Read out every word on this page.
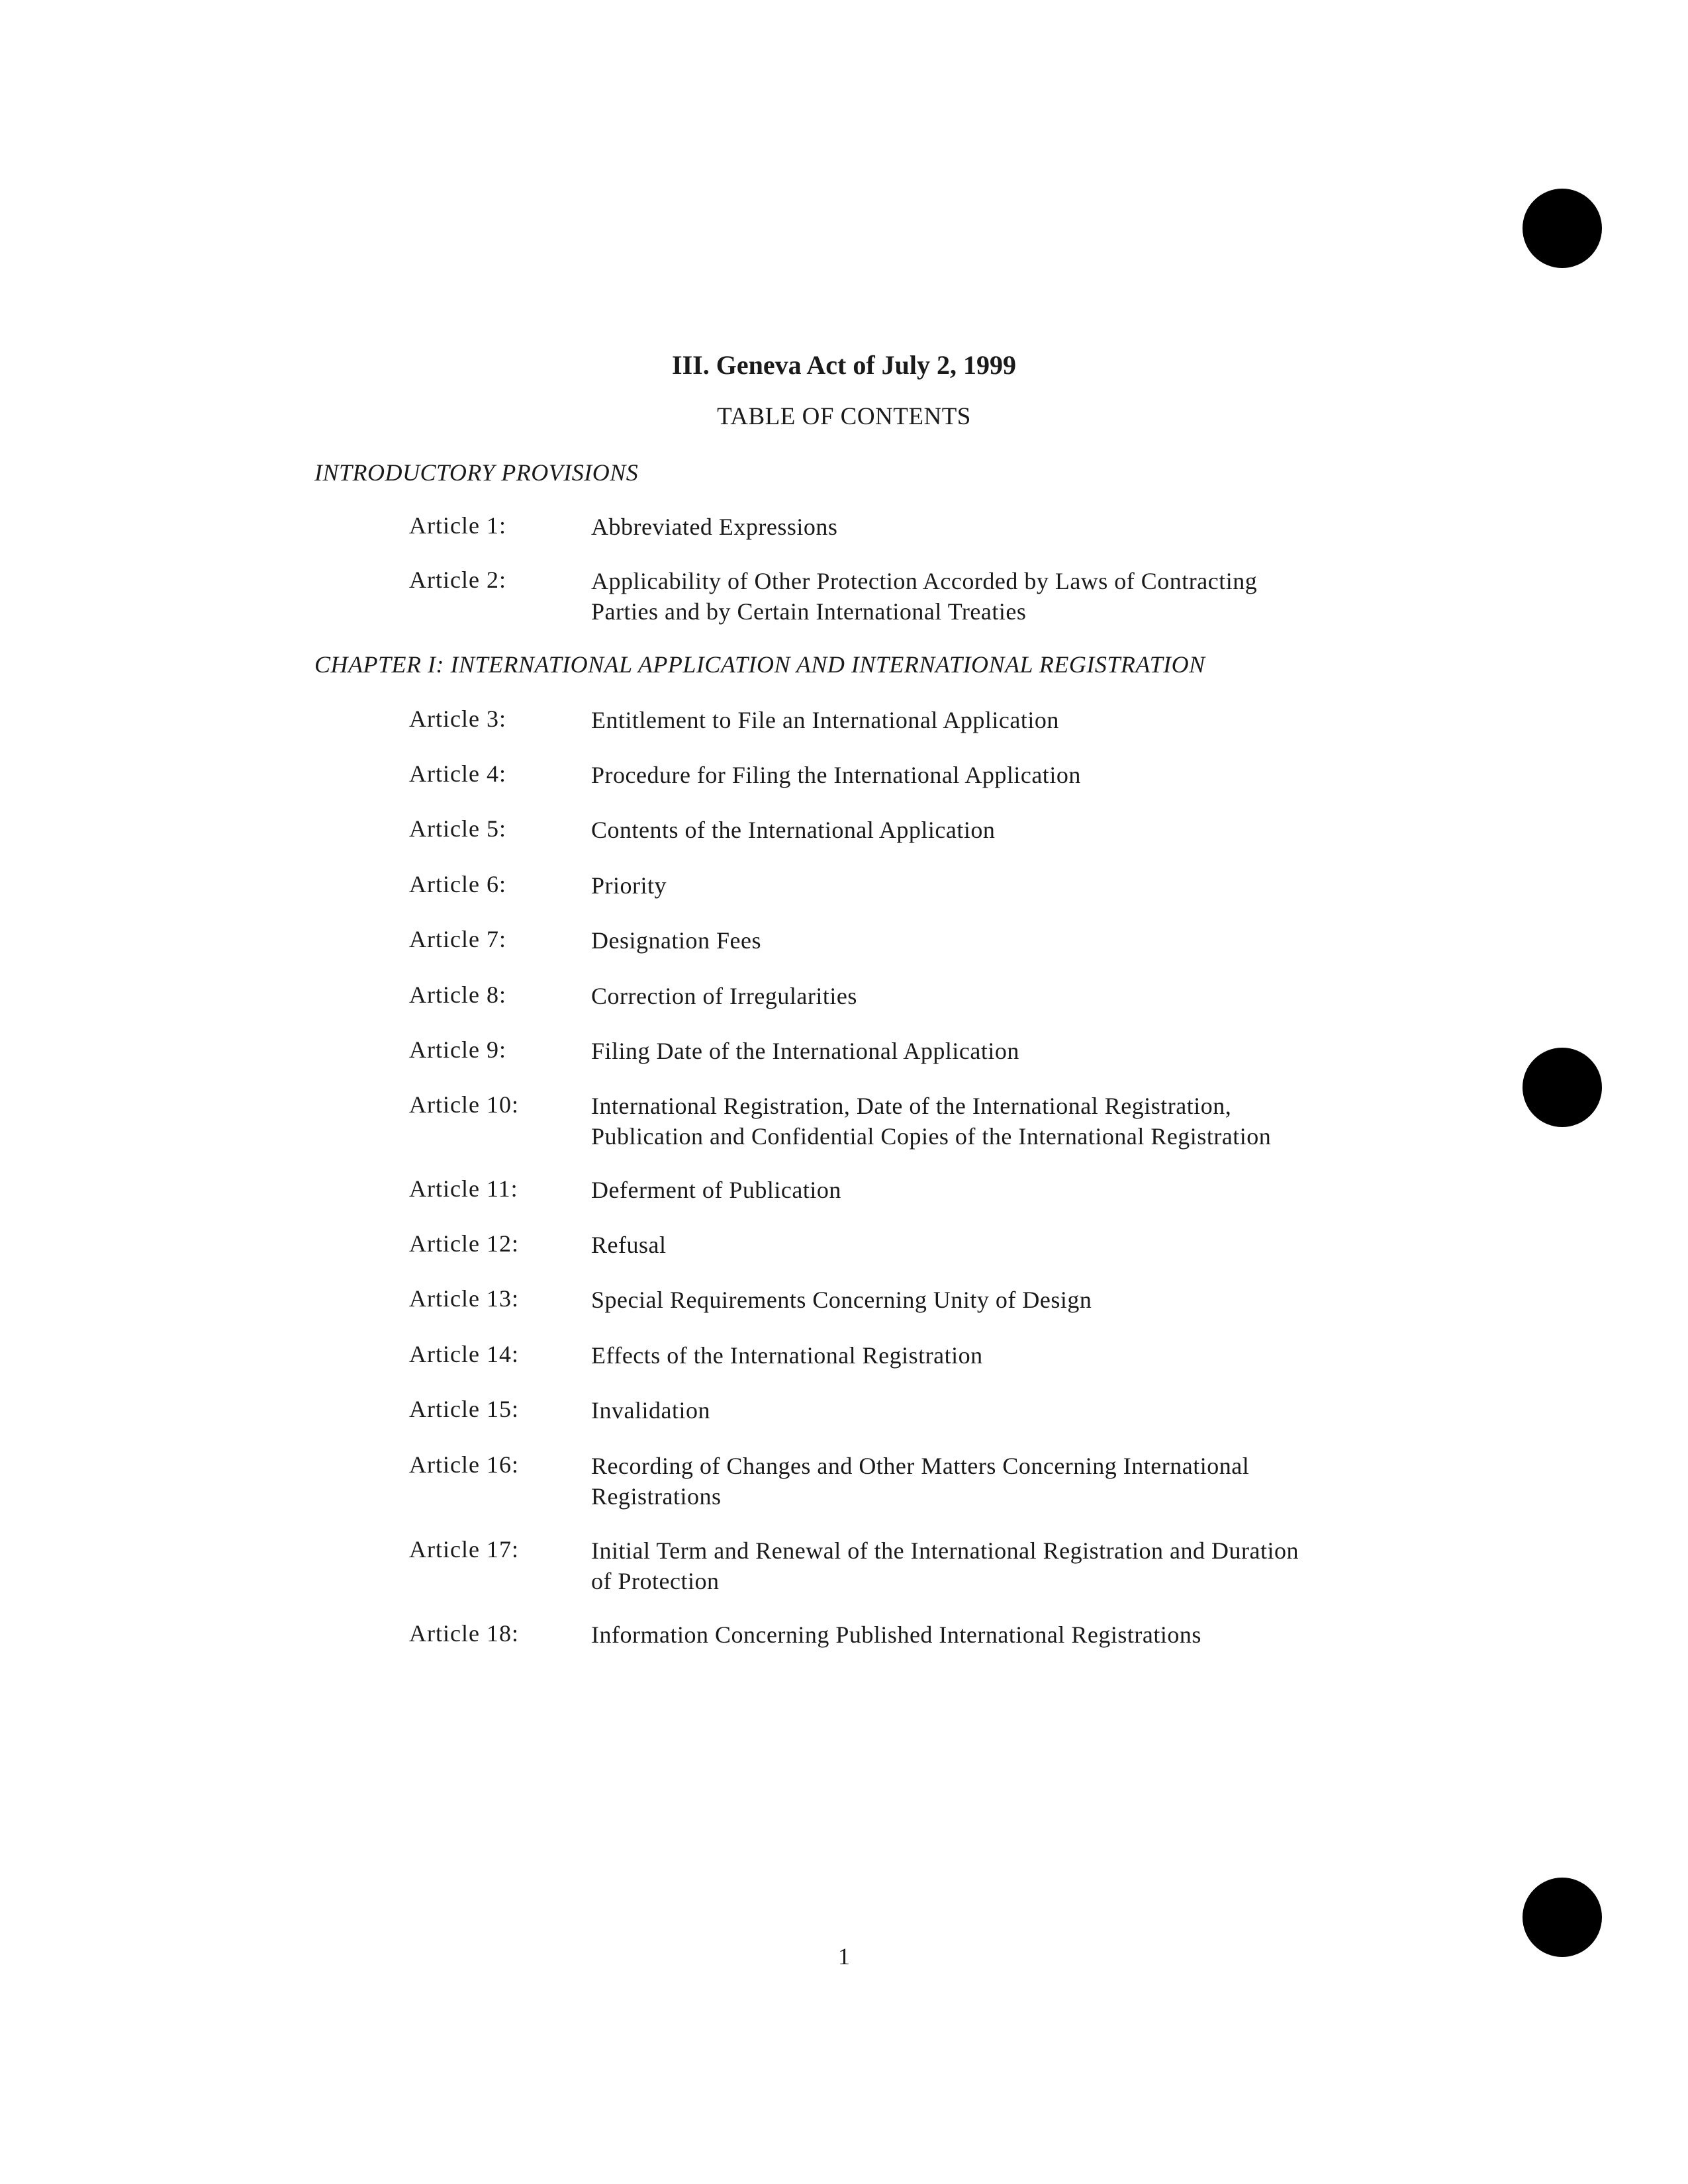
III. Geneva Act of July 2, 1999
TABLE OF CONTENTS
INTRODUCTORY PROVISIONS
Article 1:	Abbreviated Expressions
Article 2:	Applicability of Other Protection Accorded by Laws of Contracting Parties and by Certain International Treaties
CHAPTER I: INTERNATIONAL APPLICATION AND INTERNATIONAL REGISTRATION
Article 3:	Entitlement to File an International Application
Article 4:	Procedure for Filing the International Application
Article 5:	Contents of the International Application
Article 6:	Priority
Article 7:	Designation Fees
Article 8:	Correction of Irregularities
Article 9:	Filing Date of the International Application
Article 10:	International Registration, Date of the International Registration, Publication and Confidential Copies of the International Registration
Article 11:	Deferment of Publication
Article 12:	Refusal
Article 13:	Special Requirements Concerning Unity of Design
Article 14:	Effects of the International Registration
Article 15:	Invalidation
Article 16:	Recording of Changes and Other Matters Concerning International Registrations
Article 17:	Initial Term and Renewal of the International Registration and Duration of Protection
Article 18:	Information Concerning Published International Registrations
1
